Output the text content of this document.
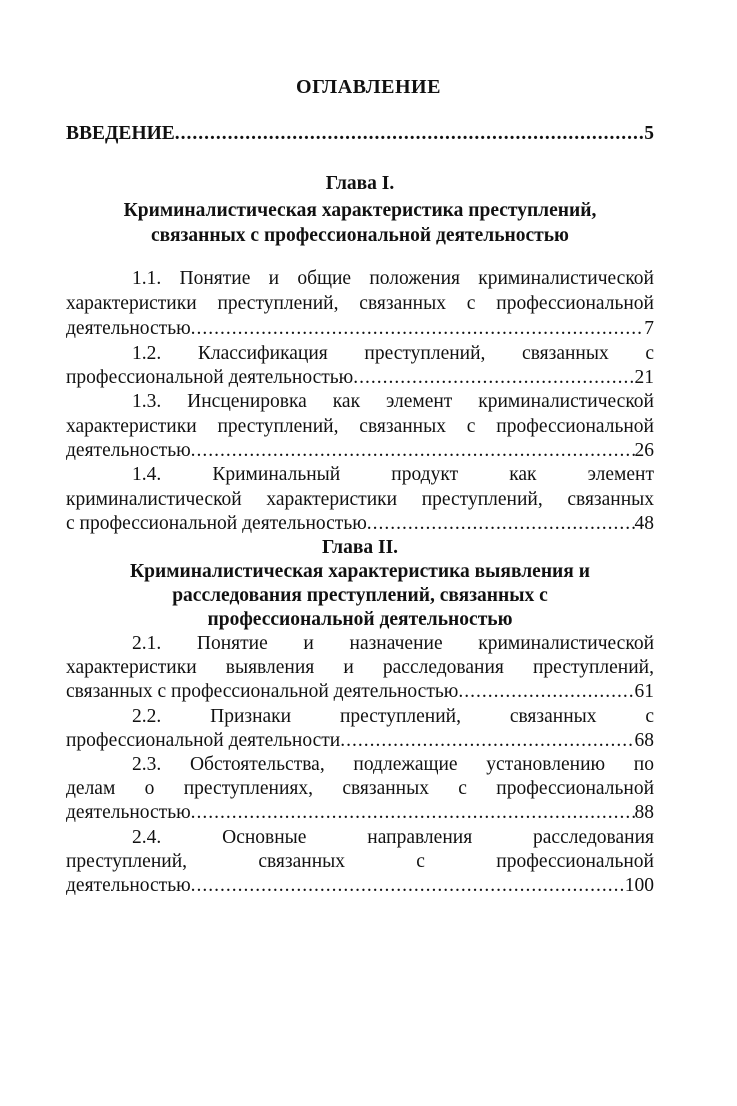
ОГЛАВЛЕНИЕ
ВВЕДЕНИЕ .....	5
Глава I.
Криминалистическая характеристика преступлений,
связанных с профессиональной деятельностью
1.1. Понятие и общие положения криминалистической
характеристики преступлений, связанных с профессиональной
деятельностью .....	7
1.2. Классификация преступлений, связанных с
профессиональной деятельностью .....	21
1.3. Инсценировка как элемент криминалистической
характеристики преступлений, связанных с профессиональной
деятельностью .....	26
1.4. Криминальный продукт как элемент
криминалистической характеристики преступлений, связанных
с профессиональной деятельностью .....	48
Глава II.
Криминалистическая характеристика выявления и
расследования преступлений, связанных с
профессиональной деятельностью
2.1. Понятие и назначение криминалистической
характеристики выявления и расследования преступлений,
связанных с профессиональной деятельностью .....	61
2.2. Признаки преступлений, связанных с
профессиональной деятельности .....	68
2.3. Обстоятельства, подлежащие установлению по
делам о преступлениях, связанных с профессиональной
деятельностью .....	88
2.4. Основные направления расследования
преступлений, связанных с профессиональной
деятельностью .....	100
